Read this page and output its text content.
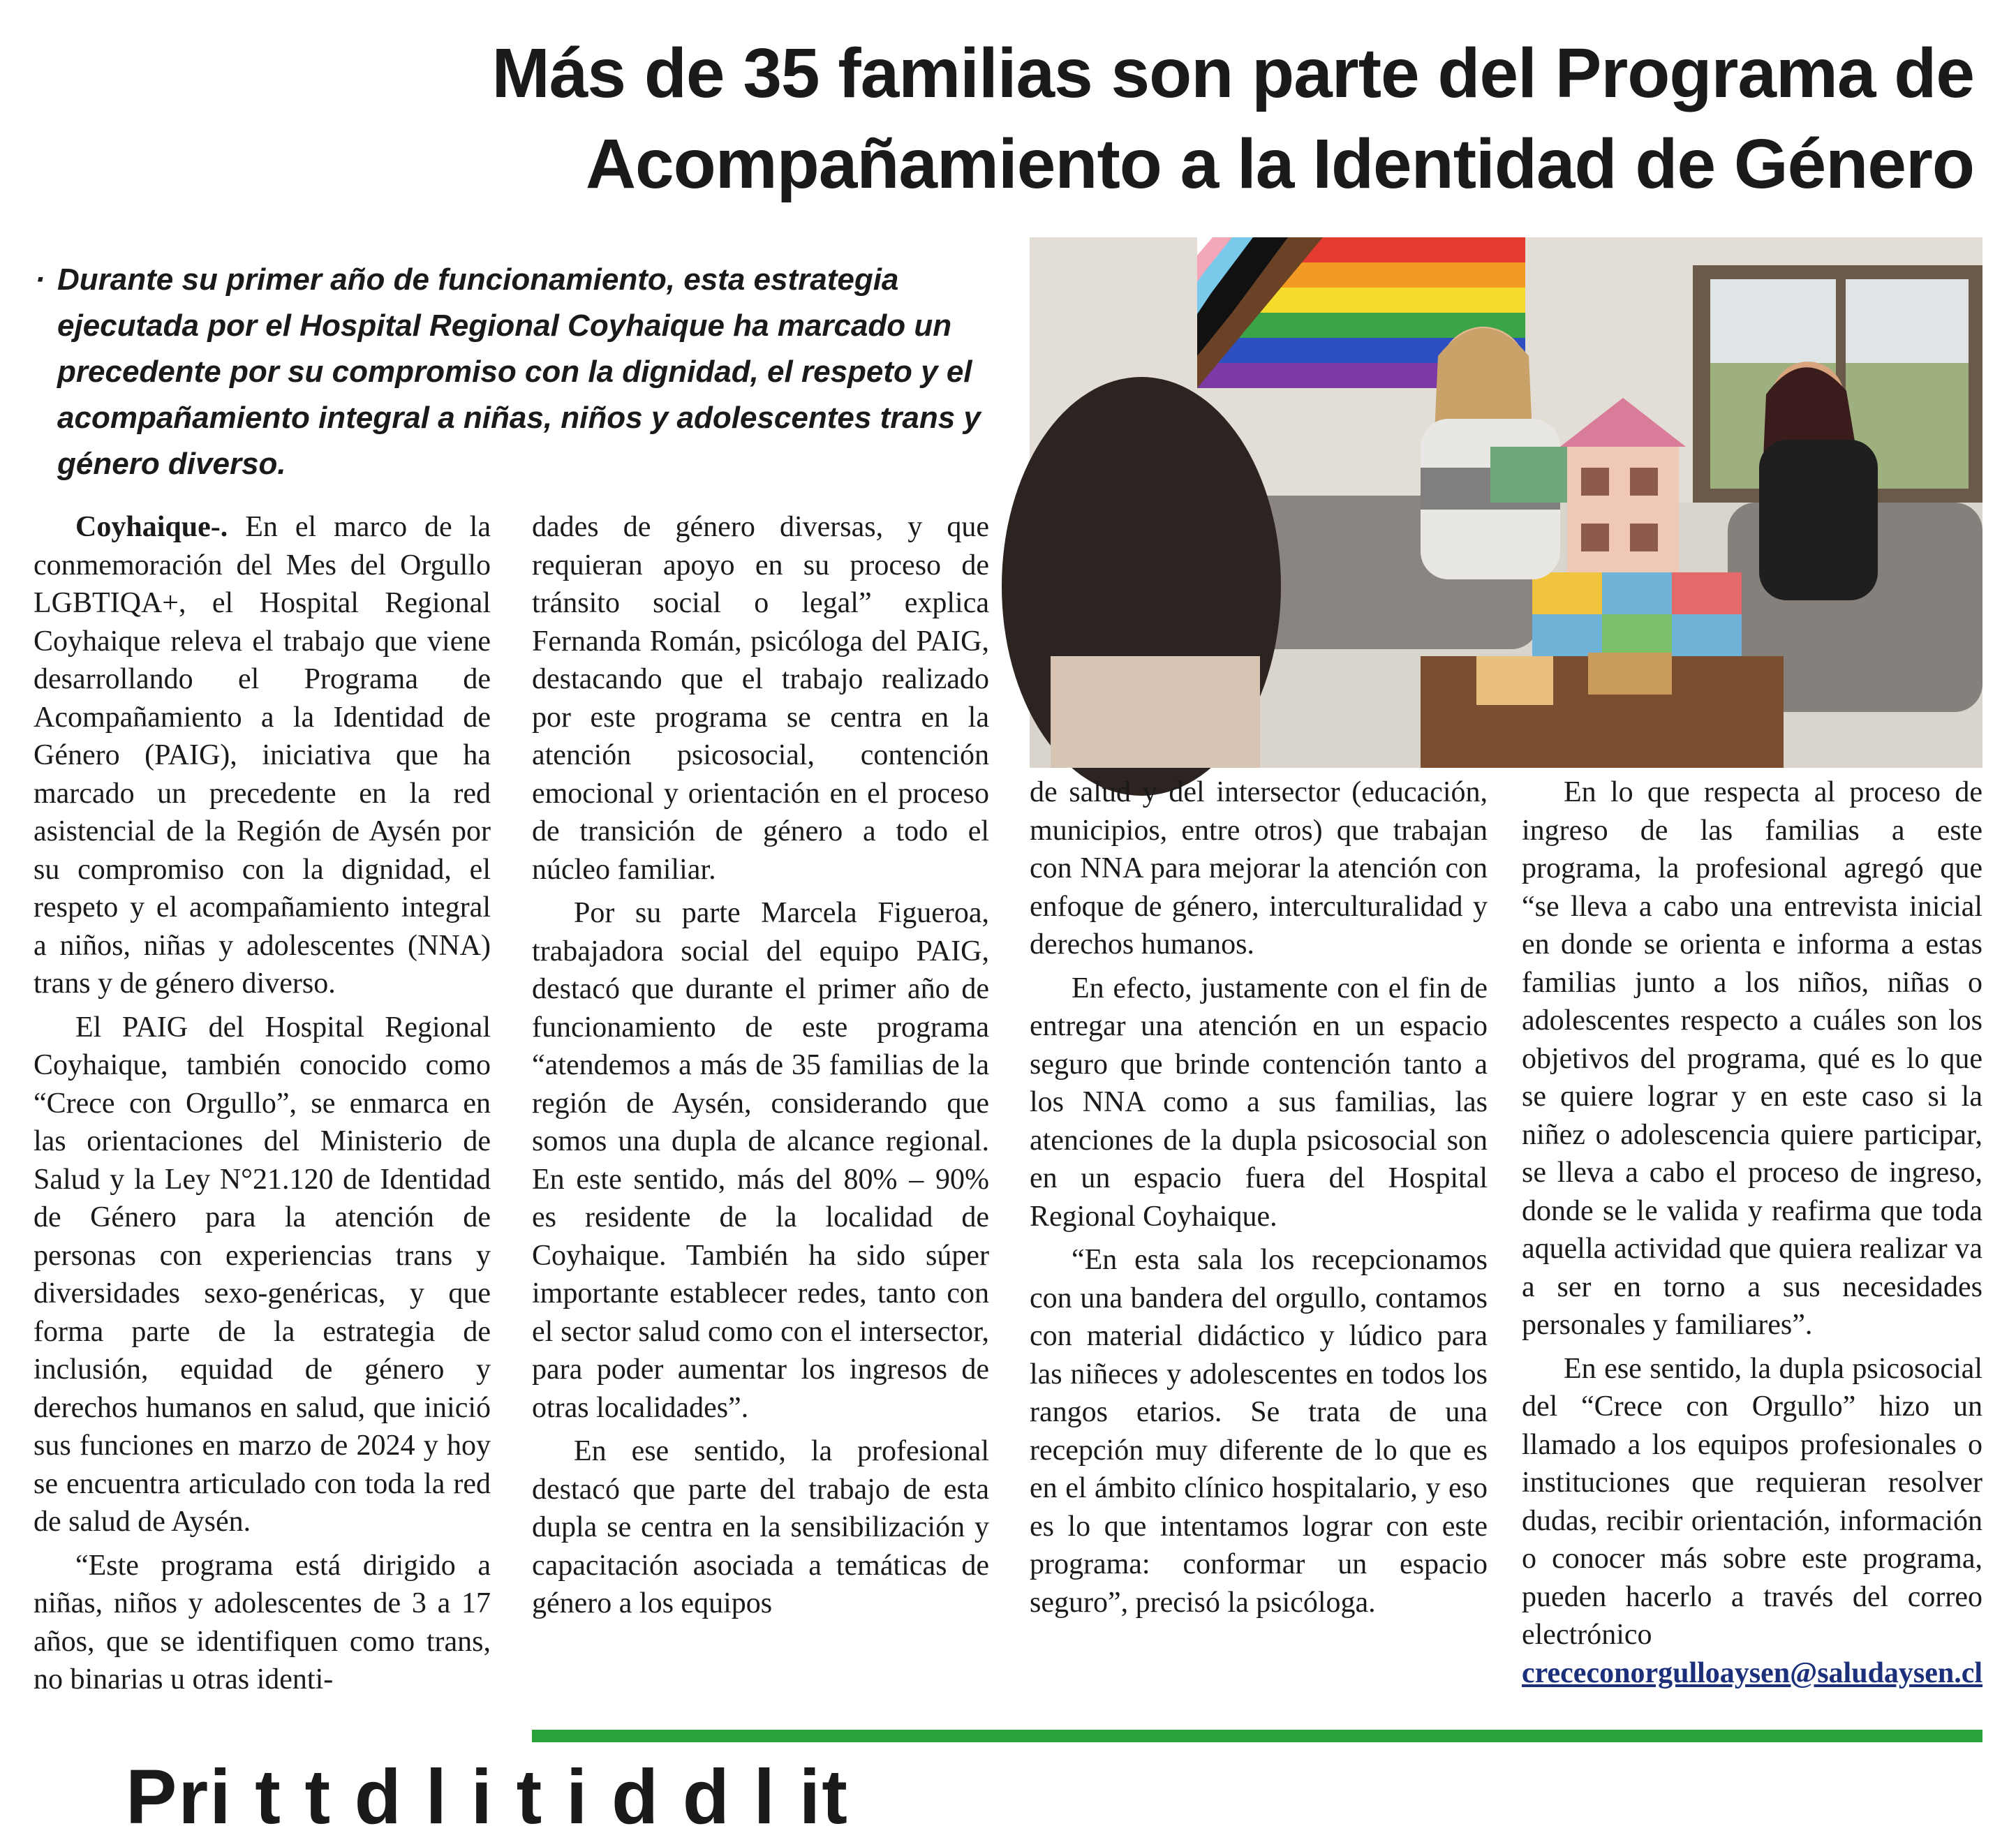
Más de 35 familias son parte del Programa de
Acompañamiento a la Identidad de Género
· Durante su primer año de funcionamiento, esta estrategia ejecutada por el Hospital Regional Coyhaique ha marcado un precedente por su compromiso con la dignidad, el respeto y el acompañamiento integral a niñas, niños y adolescentes trans y género diverso.

Coyhaique-. En el marco de la conmemoración del Mes del Orgullo LGBTIQA+, el Hospital Regional Coyhaique releva el trabajo que viene desarrollando el Programa de Acompañamiento a la Identidad de Género (PAIG), iniciativa que ha marcado un precedente en la red asistencial de la Región de Aysén por su compromiso con la dignidad, el respeto y el acompañamiento integral a niños, niñas y adolescentes (NNA) trans y de género diverso.

El PAIG del Hospital Regional Coyhaique, también conocido como “Crece con Orgullo”, se enmarca en las orientaciones del Ministerio de Salud y la Ley N°21.120 de Identidad de Género para la atención de personas con experiencias trans y diversidades sexo-genéricas, y que forma parte de la estrategia de inclusión, equidad de género y derechos humanos en salud, que inició sus funciones en marzo de 2024 y hoy se encuentra articulado con toda la red de salud de Aysén.

“Este programa está dirigido a niñas, niños y adolescentes de 3 a 17 años, que se identifiquen como trans, no binarias u otras identi-

dades de género diversas, y que requieran apoyo en su proceso de tránsito social o legal” explica Fernanda Román, psicóloga del PAIG, destacando que el trabajo realizado por este programa se centra en la atención psicosocial, contención emocional y orientación en el proceso de transición de género a todo el núcleo familiar.

Por su parte Marcela Figueroa, trabajadora social del equipo PAIG, destacó que durante el primer año de funcionamiento de este programa “atendemos a más de 35 familias de la región de Aysén, considerando que somos una dupla de alcance regional. En este sentido, más del 80% – 90% es residente de la localidad de Coyhaique. También ha sido súper importante establecer redes, tanto con el sector salud como con el intersector, para poder aumentar los ingresos de otras localidades”.

En ese sentido, la profesional destacó que parte del trabajo de esta dupla se centra en la sensibilización y capacitación asociada a temáticas de género a los equipos

de salud y del intersector (educación, municipios, entre otros) que trabajan con NNA para mejorar la atención con enfoque de género, interculturalidad y derechos humanos.

En efecto, justamente con el fin de entregar una atención en un espacio seguro que brinde contención tanto a los NNA como a sus familias, las atenciones de la dupla psicosocial son en un espacio fuera del Hospital Regional Coyhaique.

“En esta sala los recepcionamos con una bandera del orgullo, contamos con material didáctico y lúdico para las niñeces y adolescentes en todos los rangos etarios. Se trata de una recepción muy diferente de lo que es en el ámbito clínico hospitalario, y eso es lo que intentamos lograr con este programa: conformar un espacio seguro”, precisó la psicóloga.

En lo que respecta al proceso de ingreso de las familias a este programa, la profesional agregó que “se lleva a cabo una entrevista inicial en donde se orienta e informa a estas familias junto a los niños, niñas o adolescentes respecto a cuáles son los objetivos del programa, qué es lo que se quiere lograr y en este caso si la niñez o adolescencia quiere participar, se lleva a cabo el proceso de ingreso, donde se le valida y reafirma que toda aquella actividad que quiera realizar va a ser en torno a sus necesidades personales y familiares”.

En ese sentido, la dupla psicosocial del “Crece con Orgullo” hizo un llamado a los equipos profesionales o instituciones que requieran resolver dudas, recibir orientación, información o conocer más sobre este programa, pueden hacerlo a través del correo electrónico crececonorgulloaysen@saludaysen.cl

Pri t t d l i t i d d l it
